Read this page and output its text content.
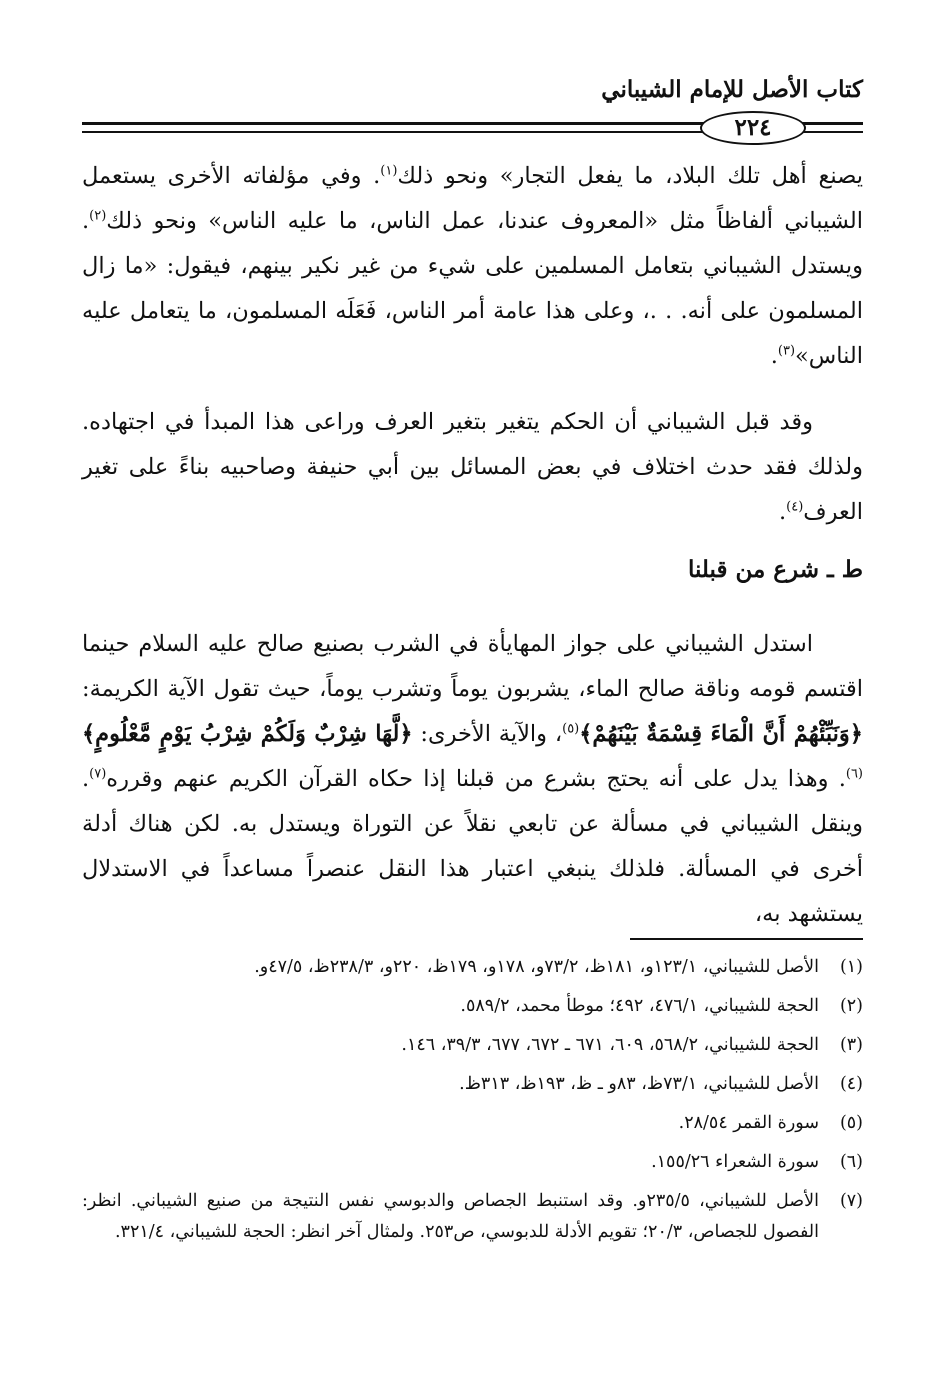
كتاب الأصل للإمام الشيباني
٢٢٤
يصنع أهل تلك البلاد، ما يفعل التجار» ونحو ذلك$^{(١)}$. وفي مؤلفاته الأخرى يستعمل الشيباني ألفاظاً مثل «المعروف عندنا، عمل الناس، ما عليه الناس» ونحو ذلك$^{(٢)}$. ويستدل الشيباني بتعامل المسلمين على شيء من غير نكير بينهم، فيقول: «ما زال المسلمون على أنه. . .، وعلى هذا عامة أمر الناس، فَعَلَه المسلمون، ما يتعامل عليه الناس»$^{(٣)}$.
وقد قبل الشيباني أن الحكم يتغير بتغير العرف وراعى هذا المبدأ في اجتهاده. ولذلك فقد حدث اختلاف في بعض المسائل بين أبي حنيفة وصاحبيه بناءً على تغير العرف$^{(٤)}$.
ط ـ شرع من قبلنا
استدل الشيباني على جواز المهايأة في الشرب بصنيع صالح عليه السلام حينما اقتسم قومه وناقة صالح الماء، يشربون يوماً وتشرب يوماً، حيث تقول الآية الكريمة: ﴿وَنَبِّئْهُمْ أَنَّ الْمَاءَ قِسْمَةٌ بَيْنَهُمْ﴾$^{(٥)}$، والآية الأخرى: ﴿لَّهَا شِرْبٌ وَلَكُمْ شِرْبُ يَوْمٍ مَّعْلُومٍ﴾$^{(٦)}$. وهذا يدل على أنه يحتج بشرع من قبلنا إذا حكاه القرآن الكريم عنهم وقرره$^{(٧)}$. وينقل الشيباني في مسألة عن تابعي نقلاً عن التوراة ويستدل به. لكن هناك أدلة أخرى في المسألة. فلذلك ينبغي اعتبار هذا النقل عنصراً مساعداً في الاستدلال يستشهد به،
(١)
الأصل للشيباني، ١٢٣/١و، ١٨١ظ، ٧٣/٢و، ١٧٨و، ١٧٩ظ، ٢٢٠و، ٢٣٨/٣ظ، ٤٧/٥و.
(٢)
الحجة للشيباني، ٤٧٦/١، ٤٩٢؛ موطأ محمد، ٥٨٩/٢.
(٣)
الحجة للشيباني، ٥٦٨/٢، ٦٠٩، ٦٧١ ـ ٦٧٢، ٦٧٧، ٣٩/٣، ١٤٦.
(٤)
الأصل للشيباني، ٧٣/١ظ، ٨٣و ـ ظ، ١٩٣ظ، ٣١٣ظ.
(٥)
سورة القمر ٢٨/٥٤.
(٦)
سورة الشعراء ١٥٥/٢٦.
(٧)
الأصل للشيباني، ٢٣٥/٥و. وقد استنبط الجصاص والدبوسي نفس النتيجة من صنيع الشيباني. انظر: الفصول للجصاص، ٢٠/٣؛ تقويم الأدلة للدبوسي، ص٢٥٣. ولمثال آخر انظر: الحجة للشيباني، ٣٢١/٤.
